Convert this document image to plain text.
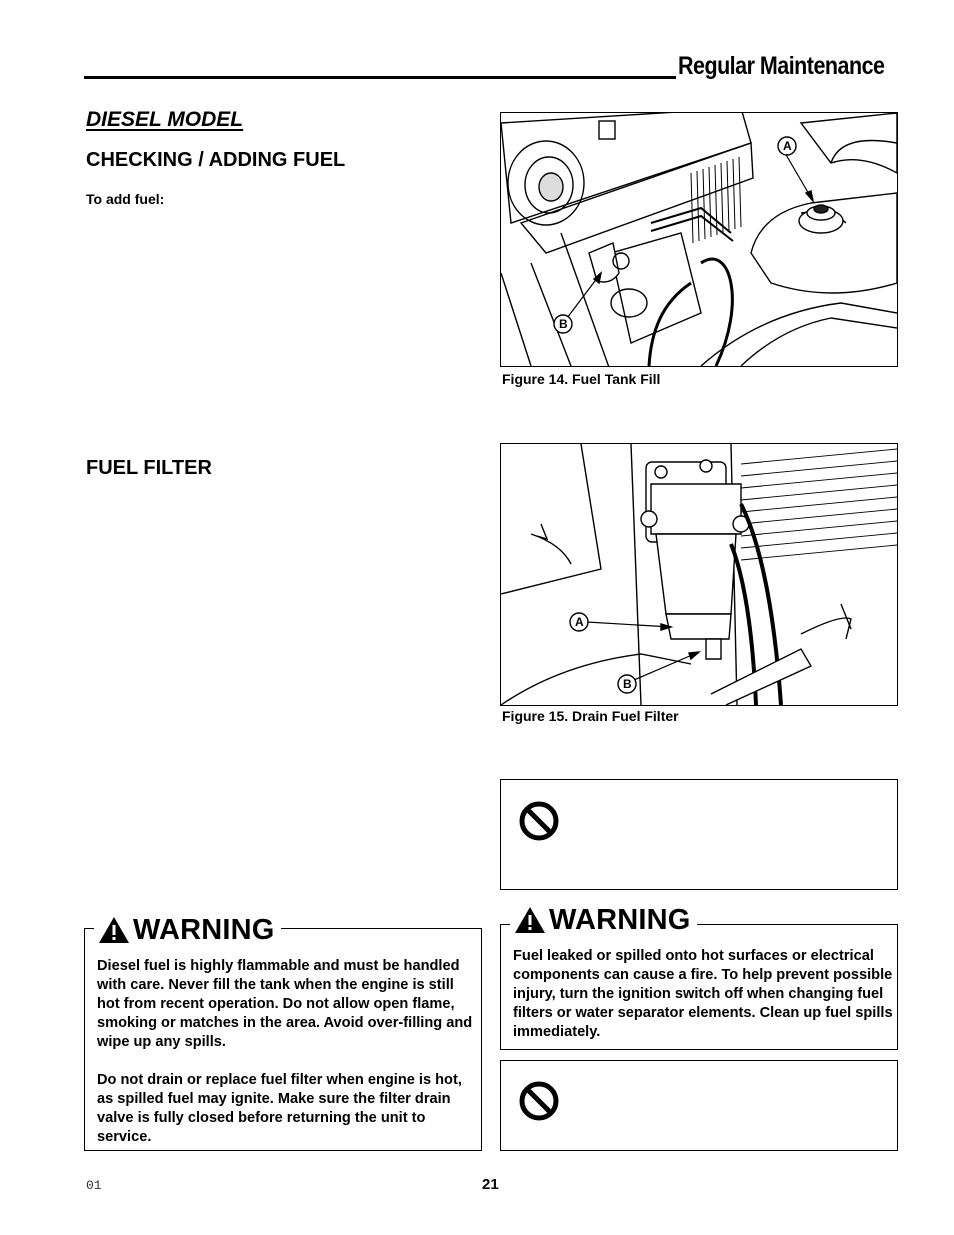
Regular Maintenance
DIESEL MODEL
CHECKING / ADDING FUEL
To add fuel:
FUEL FILTER
A
B
Figure 14. Fuel Tank Fill
A
B
Figure 15. Drain Fuel Filter
WARNING

Diesel fuel is highly flammable and must be handled with care. Never fill the tank when the engine is still hot from recent operation. Do not allow open flame, smoking or matches in the area. Avoid over-filling and wipe up any spills.

Do not drain or replace fuel filter when engine is hot, as spilled fuel may ignite. Make sure the filter drain valve is fully closed before returning the unit to service.

WARNING

Fuel leaked or spilled onto hot surfaces or electrical components can cause a fire. To help prevent possible injury, turn the ignition switch off when changing fuel filters or water separator elements. Clean up fuel spills immediately.

01	21
